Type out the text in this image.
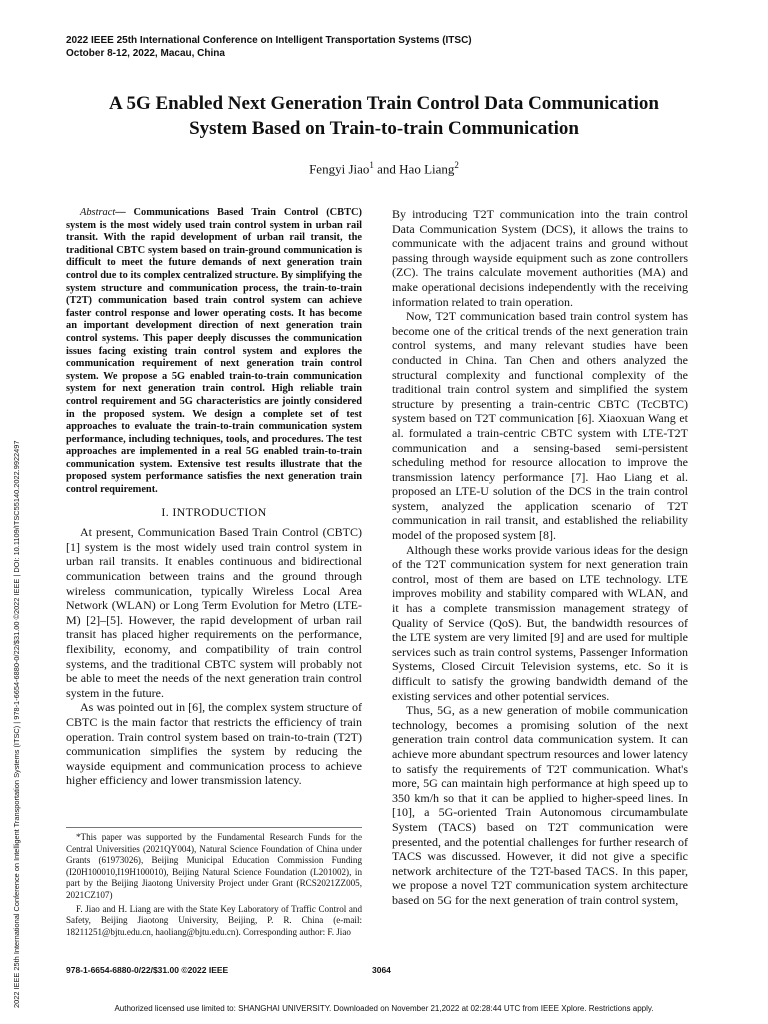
2022 IEEE 25th International Conference on Intelligent Transportation Systems (ITSC)
October 8-12, 2022, Macau, China
2022 IEEE 25th International Conference on Intelligent Transportation Systems (ITSC) | 978-1-6654-6880-0/22/$31.00 ©2022 IEEE | DOI: 10.1109/ITSC55140.2022.9922497
A 5G Enabled Next Generation Train Control Data Communication
System Based on Train-to-train Communication
Fengyi Jiao$^1$ and Hao Liang$^2$

Abstract— Communications Based Train Control (CBTC) system is the most widely used train control system in urban rail transit. With the rapid development of urban rail transit, the traditional CBTC system based on train-ground communication is difficult to meet the future demands of next generation train control due to its complex centralized structure. By simplifying the system structure and communication process, the train-to-train (T2T) communication based train control system can achieve faster control response and lower operating costs. It has become an important development direction of next generation train control systems. This paper deeply discusses the communication issues facing existing train control system and explores the communication requirement of next generation train control system. We propose a 5G enabled train-to-train communication system for next generation train control. High reliable train control requirement and 5G characteristics are jointly considered in the proposed system. We design a complete set of test approaches to evaluate the train-to-train communication system performance, including techniques, tools, and procedures. The test approaches are implemented in a real 5G enabled train-to-train communication system. Extensive test results illustrate that the proposed system performance satisfies the next generation train control requirement.

I. INTRODUCTION

At present, Communication Based Train Control (CBTC) [1] system is the most widely used train control system in urban rail transits. It enables continuous and bidirectional communication between trains and the ground through wireless communication, typically Wireless Local Area Network (WLAN) or Long Term Evolution for Metro (LTE-M) [2]–[5]. However, the rapid development of urban rail transit has placed higher requirements on the performance, flexibility, economy, and compatibility of train control systems, and the traditional CBTC system will probably not be able to meet the needs of the next generation train control system in the future.

As was pointed out in [6], the complex system structure of CBTC is the main factor that restricts the efficiency of train operation. Train control system based on train-to-train (T2T) communication simplifies the system by reducing the wayside equipment and communication process to achieve higher efficiency and lower transmission latency.

*This paper was supported by the Fundamental Research Funds for the Central Universities (2021QY004), Natural Science Foundation of China under Grants (61973026), Beijing Municipal Education Commission Funding (I20H100010,I19H100010), Beijing Natural Science Foundation (L201002), in part by the Beijing Jiaotong University Project under Grant (RCS2021ZZ005, 2021CZ107)

F. Jiao and H. Liang are with the State Key Laboratory of Traffic Control and Safety, Beijing Jiaotong University, Beijing, P. R. China (e-mail: 18211251@bjtu.edu.cn, haoliang@bjtu.edu.cn). Corresponding author: F. Jiao

By introducing T2T communication into the train control Data Communication System (DCS), it allows the trains to communicate with the adjacent trains and ground without passing through wayside equipment such as zone controllers (ZC). The trains calculate movement authorities (MA) and make operational decisions independently with the receiving information related to train operation.

Now, T2T communication based train control system has become one of the critical trends of the next generation train control systems, and many relevant studies have been conducted in China. Tan Chen and others analyzed the structural complexity and functional complexity of the traditional train control system and simplified the system structure by presenting a train-centric CBTC (TcCBTC) system based on T2T communication [6]. Xiaoxuan Wang et al. formulated a train-centric CBTC system with LTE-T2T communication and a sensing-based semi-persistent scheduling method for resource allocation to improve the transmission latency performance [7]. Hao Liang et al. proposed an LTE-U solution of the DCS in the train control system, analyzed the application scenario of T2T communication in rail transit, and established the reliability model of the proposed system [8].

Although these works provide various ideas for the design of the T2T communication system for next generation train control, most of them are based on LTE technology. LTE improves mobility and stability compared with WLAN, and it has a complete transmission management strategy of Quality of Service (QoS). But, the bandwidth resources of the LTE system are very limited [9] and are used for multiple services such as train control systems, Passenger Information Systems, Closed Circuit Television systems, etc. So it is difficult to satisfy the growing bandwidth demand of the existing services and other potential services.

Thus, 5G, as a new generation of mobile communication technology, becomes a promising solution of the next generation train control data communication system. It can achieve more abundant spectrum resources and lower latency to satisfy the requirements of T2T communication. What's more, 5G can maintain high performance at high speed up to 350 km/h so that it can be applied to higher-speed lines. In [10], a 5G-oriented Train Autonomous circumambulate System (TACS) based on T2T communication were presented, and the potential challenges for further research of TACS was discussed. However, it did not give a specific network architecture of the T2T-based TACS. In this paper, we propose a novel T2T communication system architecture based on 5G for the next generation of train control system,

978-1-6654-6880-0/22/$31.00 ©2022 IEEE	3064
Authorized licensed use limited to: SHANGHAI UNIVERSITY. Downloaded on November 21,2022 at 02:28:44 UTC from IEEE Xplore. Restrictions apply.
